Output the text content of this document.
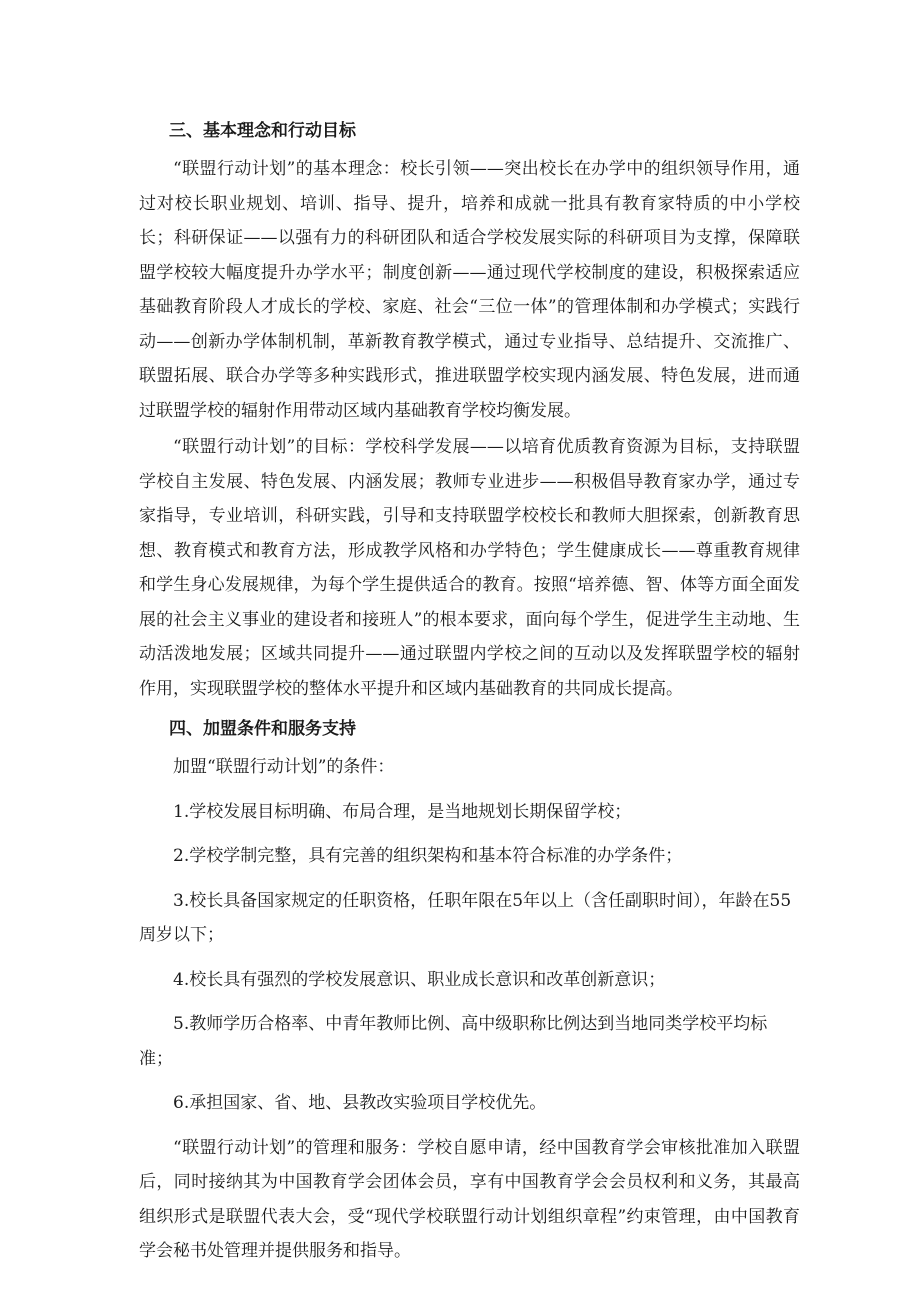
三、基本理念和行动目标

“联盟行动计划”的基本理念：校长引领——突出校长在办学中的组织领导作用，通过对校长职业规划、培训、指导、提升，培养和成就一批具有教育家特质的中小学校长；科研保证——以强有力的科研团队和适合学校发展实际的科研项目为支撑，保障联盟学校较大幅度提升办学水平；制度创新——通过现代学校制度的建设，积极探索适应基础教育阶段人才成长的学校、家庭、社会“三位一体”的管理体制和办学模式；实践行动——创新办学体制机制，革新教育教学模式，通过专业指导、总结提升、交流推广、联盟拓展、联合办学等多种实践形式，推进联盟学校实现内涵发展、特色发展，进而通过联盟学校的辐射作用带动区域内基础教育学校均衡发展。

“联盟行动计划”的目标：学校科学发展——以培育优质教育资源为目标，支持联盟学校自主发展、特色发展、内涵发展；教师专业进步——积极倡导教育家办学，通过专家指导，专业培训，科研实践，引导和支持联盟学校校长和教师大胆探索，创新教育思想、教育模式和教育方法，形成教学风格和办学特色；学生健康成长——尊重教育规律和学生身心发展规律，为每个学生提供适合的教育。按照“培养德、智、体等方面全面发展的社会主义事业的建设者和接班人”的根本要求，面向每个学生，促进学生主动地、生动活泼地发展；区域共同提升——通过联盟内学校之间的互动以及发挥联盟学校的辐射作用，实现联盟学校的整体水平提升和区域内基础教育的共同成长提高。

四、加盟条件和服务支持

加盟“联盟行动计划”的条件：

1.学校发展目标明确、布局合理，是当地规划长期保留学校；

2.学校学制完整，具有完善的组织架构和基本符合标准的办学条件；

3.校长具备国家规定的任职资格，任职年限在5年以上（含任副职时间），年龄在55周岁以下；

4.校长具有强烈的学校发展意识、职业成长意识和改革创新意识；

5.教师学历合格率、中青年教师比例、高中级职称比例达到当地同类学校平均标准；

6.承担国家、省、地、县教改实验项目学校优先。

“联盟行动计划”的管理和服务：学校自愿申请，经中国教育学会审核批准加入联盟后，同时接纳其为中国教育学会团体会员，享有中国教育学会会员权利和义务，其最高组织形式是联盟代表大会，受“现代学校联盟行动计划组织章程”约束管理，由中国教育学会秘书处管理并提供服务和指导。
